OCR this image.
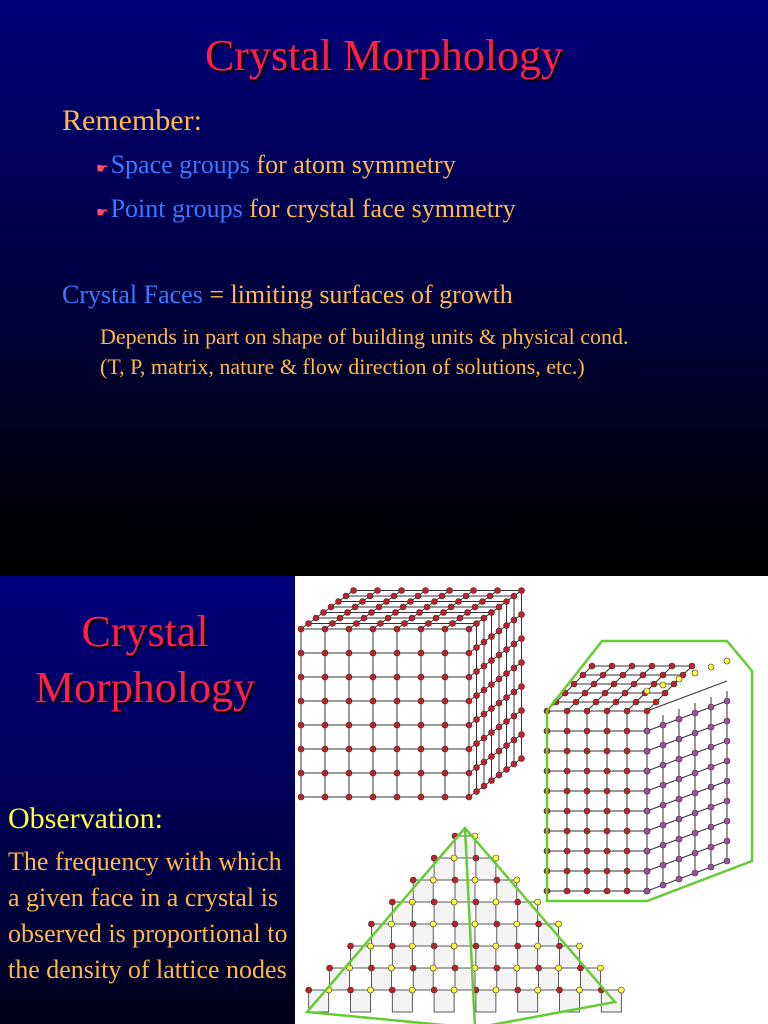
Crystal Morphology
Remember:
☛Space groups for atom symmetry
☛Point groups for crystal face symmetry
Crystal Faces = limiting surfaces of growth
Depends in part on shape of building units & physical cond.
(T, P, matrix, nature & flow direction of solutions, etc.)
Crystal
Morphology
Observation:
The frequency with which a given face in a crystal is observed is proportional to the density of lattice nodes
